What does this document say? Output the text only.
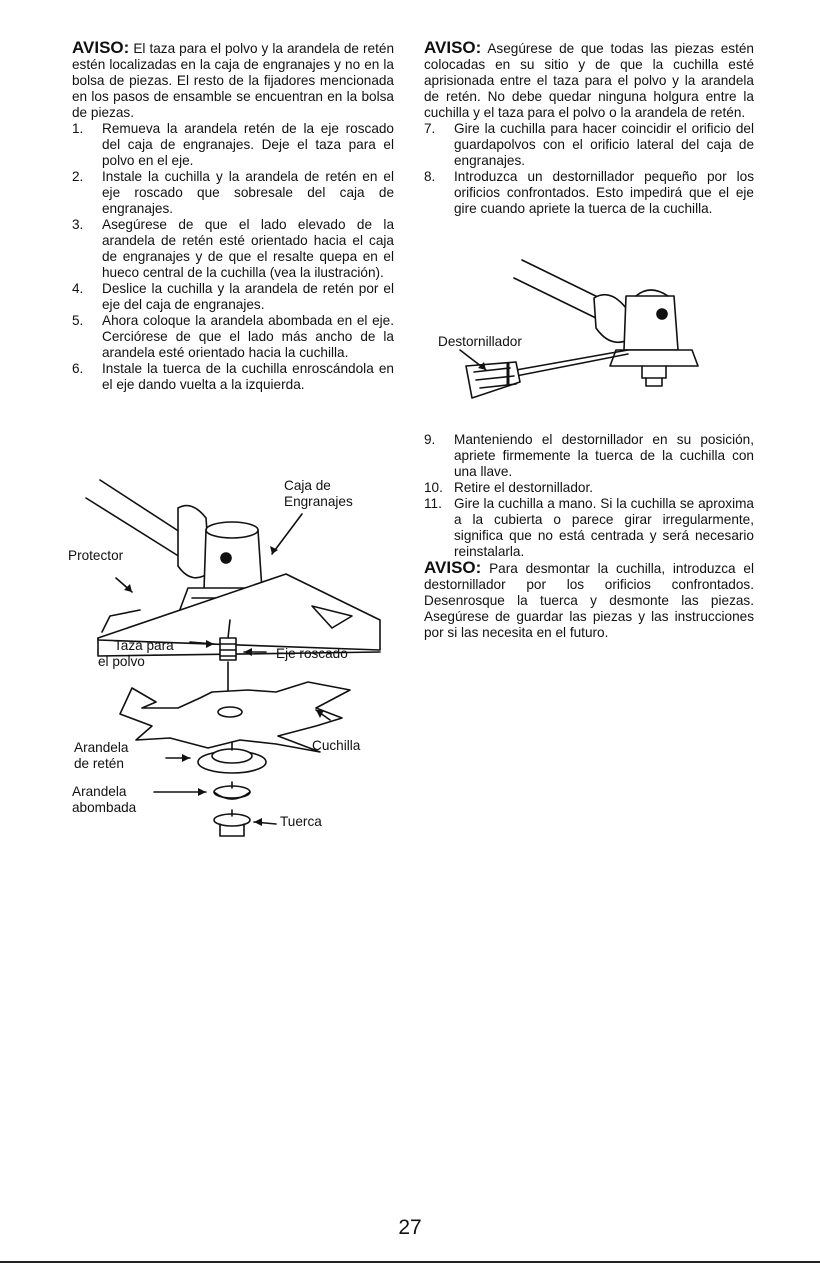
AVISO: El taza para el polvo y la arandela de retén estén localizadas en la caja de engranajes y no en la bolsa de piezas. El resto de la fijadores mencionada en los pasos de ensamble se encuentran en la bolsa de piezas.

1. Remueva la arandela retén de la eje roscado del caja de engranajes. Deje el taza para el polvo en el eje.
2. Instale la cuchilla y la arandela de retén en el eje roscado que sobresale del caja de engranajes.
3. Asegúrese de que el lado elevado de la arandela de retén esté orientado hacia el caja de engranajes y de que el resalte quepa en el hueco central de la cuchilla (vea la ilustración).
4. Deslice la cuchilla y la arandela de retén por el eje del caja de engranajes.
5. Ahora coloque la arandela abombada en el eje. Cerciórese de que el lado más ancho de la arandela esté orientado hacia la cuchilla.
6. Instale la tuerca de la cuchilla enroscándola en el eje dando vuelta a la izquierda.
Caja de
Engranajes
Protector
Taza para
el polvo
Eje roscado
Cuchilla
Arandela
de retén
Arandela
abombada
Tuerca

AVISO: Asegúrese de que todas las piezas estén colocadas en su sitio y de que la cuchilla esté aprisionada entre el taza para el polvo y la arandela de retén. No debe quedar ninguna holgura entre la cuchilla y el taza para el polvo o la arandela de retén.

7. Gire la cuchilla para hacer coincidir el orificio del guardapolvos con el orificio lateral del caja de engranajes.
8. Introduzca un destornillador pequeño por los orificios confrontados. Esto impedirá que el eje gire cuando apriete la tuerca de la cuchilla.
Destornillador
9. Manteniendo el destornillador en su posición, apriete firmemente la tuerca de la cuchilla con una llave.
10. Retire el destornillador.
11. Gire la cuchilla a mano. Si la cuchilla se aproxima a la cubierta o parece girar irregularmente, significa que no está centrada y será necesario reinstalarla.

AVISO: Para desmontar la cuchilla, introduzca el destornillador por los orificios confrontados. Desenrosque la tuerca y desmonte las piezas. Asegúrese de guardar las piezas y las instrucciones por si las necesita en el futuro.

27
